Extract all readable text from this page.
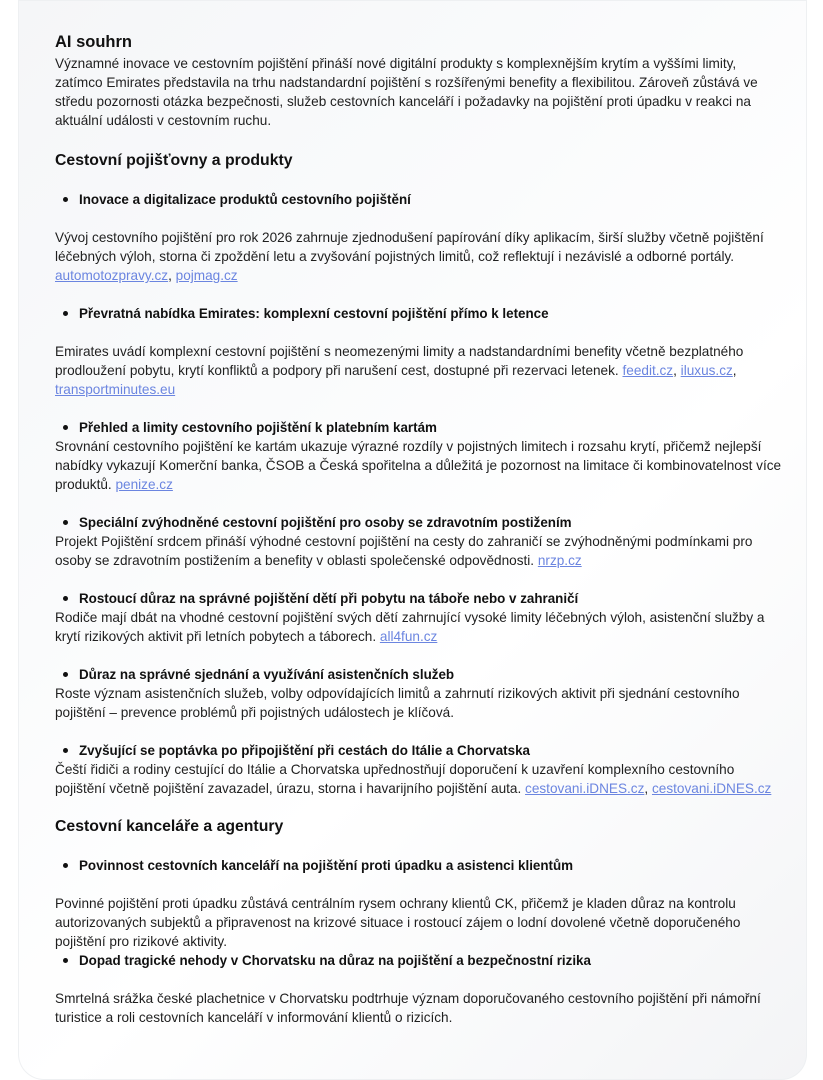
AI souhrn

Významné inovace ve cestovním pojištění přináší nové digitální produkty s komplexnějším krytím a vyššími limity, zatímco Emirates představila na trhu nadstandardní pojištění s rozšířenými benefity a flexibilitou. Zároveň zůstává ve středu pozornosti otázka bezpečnosti, služeb cestovních kanceláří i požadavky na pojištění proti úpadku v reakci na aktuální události v cestovním ruchu.

Cestovní pojišťovny a produkty
Inovace a digitalizace produktů cestovního pojištění

Vývoj cestovního pojištění pro rok 2026 zahrnuje zjednodušení papírování díky aplikacím, širší služby včetně pojištění léčebných výloh, storna či zpoždění letu a zvyšování pojistných limitů, což reflektují i nezávislé a odborné portály. automotozpravy.cz, pojmag.cz

Převratná nabídka Emirates: komplexní cestovní pojištění přímo k letence

Emirates uvádí komplexní cestovní pojištění s neomezenými limity a nadstandardními benefity včetně bezplatného prodloužení pobytu, krytí konfliktů a podpory při narušení cest, dostupné při rezervaci letenek. feedit.cz, iluxus.cz, transportminutes.eu

Přehled a limity cestovního pojištění k platebním kartám

Srovnání cestovního pojištění ke kartám ukazuje výrazné rozdíly v pojistných limitech i rozsahu krytí, přičemž nejlepší nabídky vykazují Komerční banka, ČSOB a Česká spořitelna a důležitá je pozornost na limitace či kombinovatelnost více produktů. penize.cz

Speciální zvýhodněné cestovní pojištění pro osoby se zdravotním postižením

Projekt Pojištění srdcem přináší výhodné cestovní pojištění na cesty do zahraničí se zvýhodněnými podmínkami pro osoby se zdravotním postižením a benefity v oblasti společenské odpovědnosti. nrzp.cz

Rostoucí důraz na správné pojištění dětí při pobytu na táboře nebo v zahraničí

Rodiče mají dbát na vhodné cestovní pojištění svých dětí zahrnující vysoké limity léčebných výloh, asistenční služby a krytí rizikových aktivit při letních pobytech a táborech. all4fun.cz

Důraz na správné sjednání a využívání asistenčních služeb

Roste význam asistenčních služeb, volby odpovídajících limitů a zahrnutí rizikových aktivit při sjednání cestovního pojištění – prevence problémů při pojistných událostech je klíčová.

Zvyšující se poptávka po připojištění při cestách do Itálie a Chorvatska

Čeští řidiči a rodiny cestující do Itálie a Chorvatska upřednostňují doporučení k uzavření komplexního cestovního pojištění včetně pojištění zavazadel, úrazu, storna i havarijního pojištění auta. cestovani.iDNES.cz, cestovani.iDNES.cz

Cestovní kanceláře a agentury
Povinnost cestovních kanceláří na pojištění proti úpadku a asistenci klientům

Povinné pojištění proti úpadku zůstává centrálním rysem ochrany klientů CK, přičemž je kladen důraz na kontrolu autorizovaných subjektů a připravenost na krizové situace i rostoucí zájem o lodní dovolené včetně doporučeného pojištění pro rizikové aktivity.

Dopad tragické nehody v Chorvatsku na důraz na pojištění a bezpečnostní rizika

Smrtelná srážka české plachetnice v Chorvatsku podtrhuje význam doporučovaného cestovního pojištění při námořní turistice a roli cestovních kanceláří v informování klientů o rizicích.
